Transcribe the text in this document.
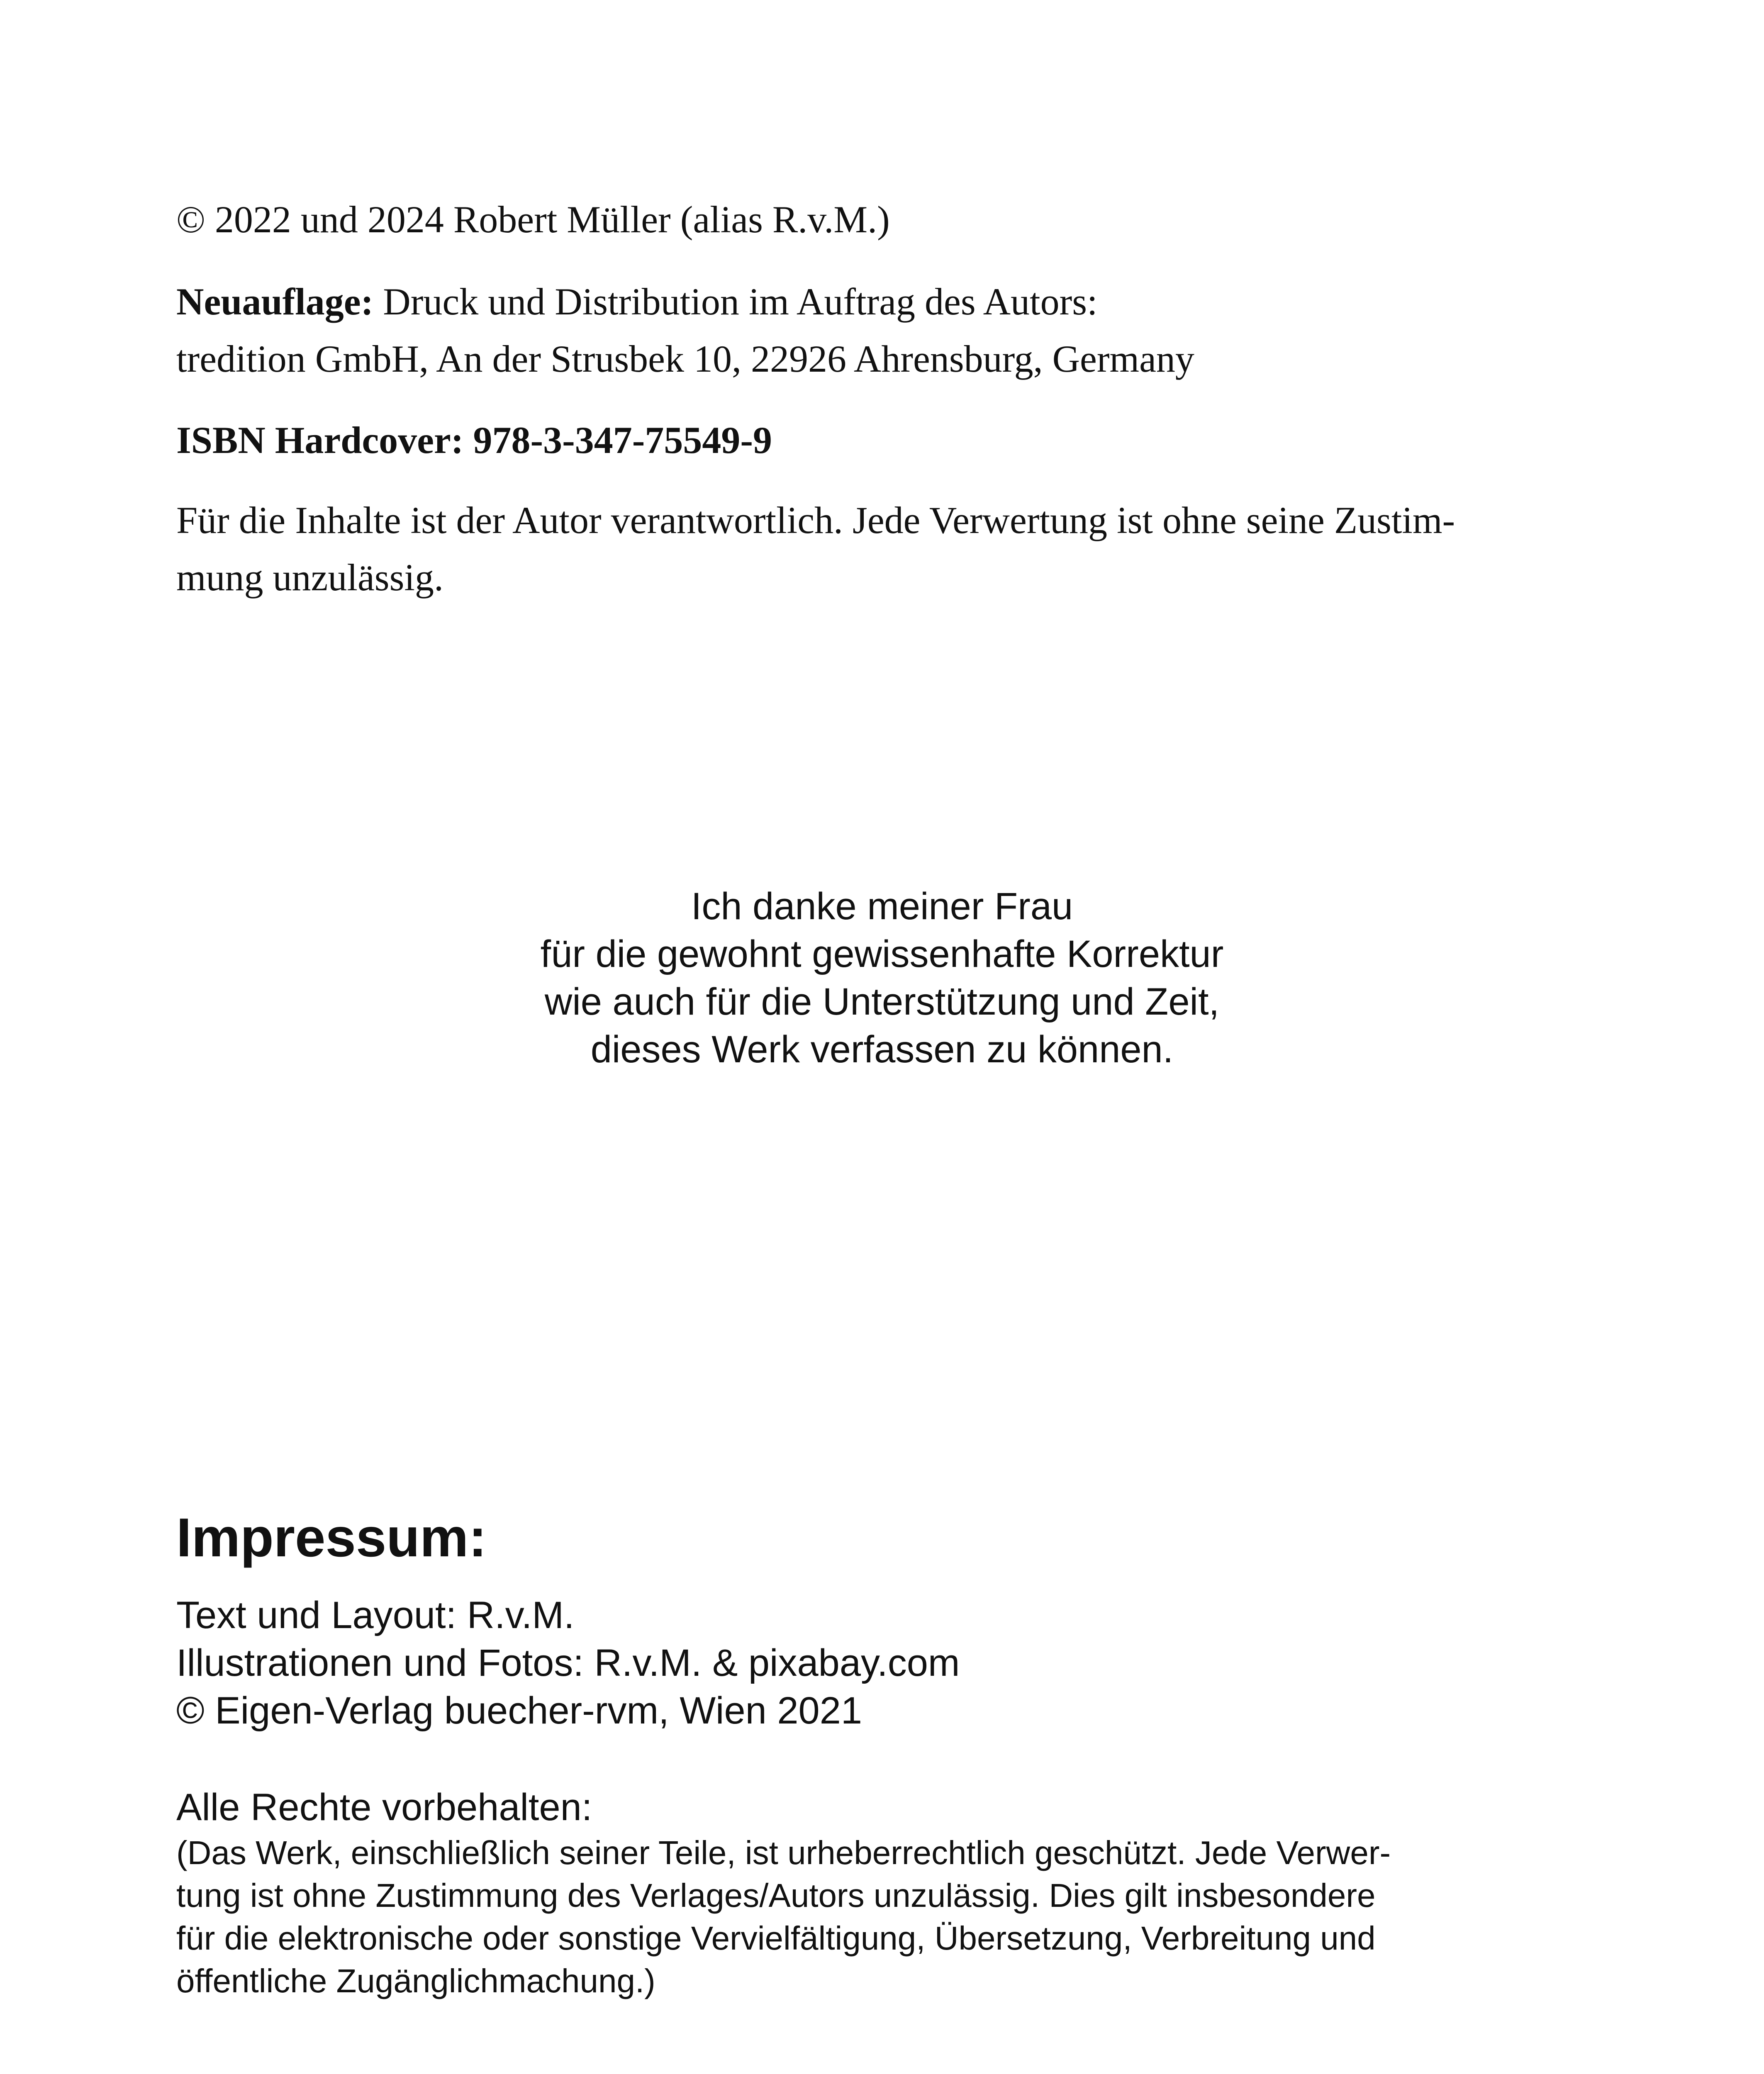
© 2022 und 2024 Robert Müller (alias R.v.M.)

Neuauflage: Druck und Distribution im Auftrag des Autors:

tredition GmbH, An der Strusbek 10, 22926 Ahrensburg, Germany

ISBN Hardcover: 978-3-347-75549-9

Für die Inhalte ist der Autor verantwortlich. Jede Verwertung ist ohne seine Zustim-

mung unzulässig.

Ich danke meiner Frau
für die gewohnt gewissenhafte Korrektur
wie auch für die Unterstützung und Zeit,
dieses Werk verfassen zu können.
Impressum:

Text und Layout: R.v.M.

Illustrationen und Fotos: R.v.M. & pixabay.com

© Eigen-Verlag buecher-rvm, Wien 2021

Alle Rechte vorbehalten:

(Das Werk, einschließlich seiner Teile, ist urheberrechtlich geschützt. Jede Verwer-

tung ist ohne Zustimmung des Verlages/Autors unzulässig. Dies gilt insbesondere

für die elektronische oder sonstige Vervielfältigung, Übersetzung, Verbreitung und

öffentliche Zugänglichmachung.)
